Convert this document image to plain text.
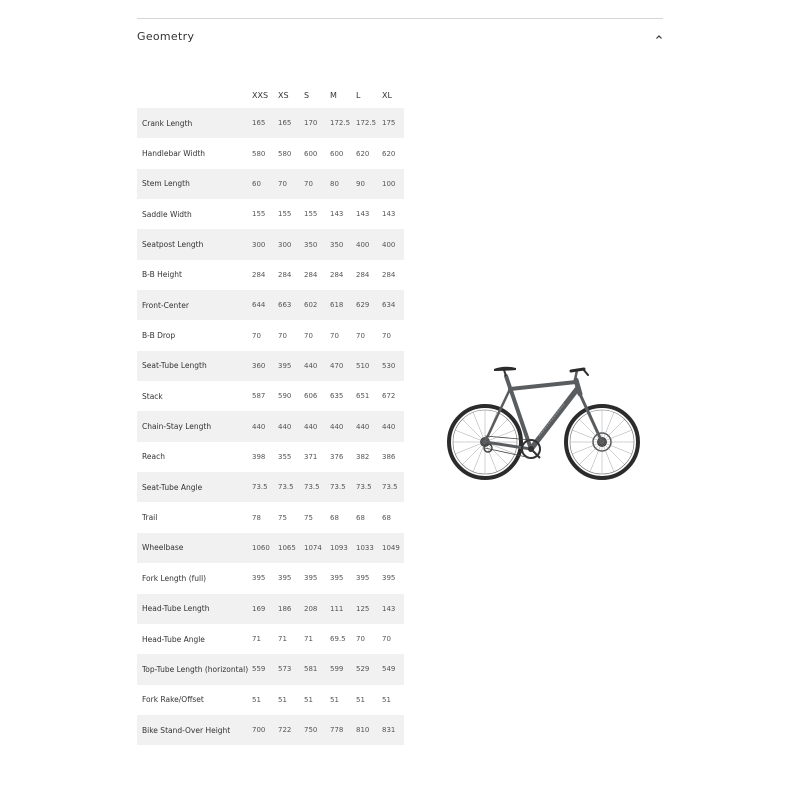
Geometry
	XXS	XS	S	M	L	XL
Crank Length	165	165	170	172.5	172.5	175
Handlebar Width	580	580	600	600	620	620
Stem Length	60	70	70	80	90	100
Saddle Width	155	155	155	143	143	143
Seatpost Length	300	300	350	350	400	400
B-B Height	284	284	284	284	284	284
Front-Center	644	663	602	618	629	634
B-B Drop	70	70	70	70	70	70
Seat-Tube Length	360	395	440	470	510	530
Stack	587	590	606	635	651	672
Chain-Stay Length	440	440	440	440	440	440
Reach	398	355	371	376	382	386
Seat-Tube Angle	73.5	73.5	73.5	73.5	73.5	73.5
Trail	78	75	75	68	68	68
Wheelbase	1060	1065	1074	1093	1033	1049
Fork Length (full)	395	395	395	395	395	395
Head-Tube Length	169	186	208	111	125	143
Head-Tube Angle	71	71	71	69.5	70	70
Top-Tube Length (horizontal)	559	573	581	599	529	549
Fork Rake/Offset	51	51	51	51	51	51
Bike Stand-Over Height	700	722	750	778	810	831
